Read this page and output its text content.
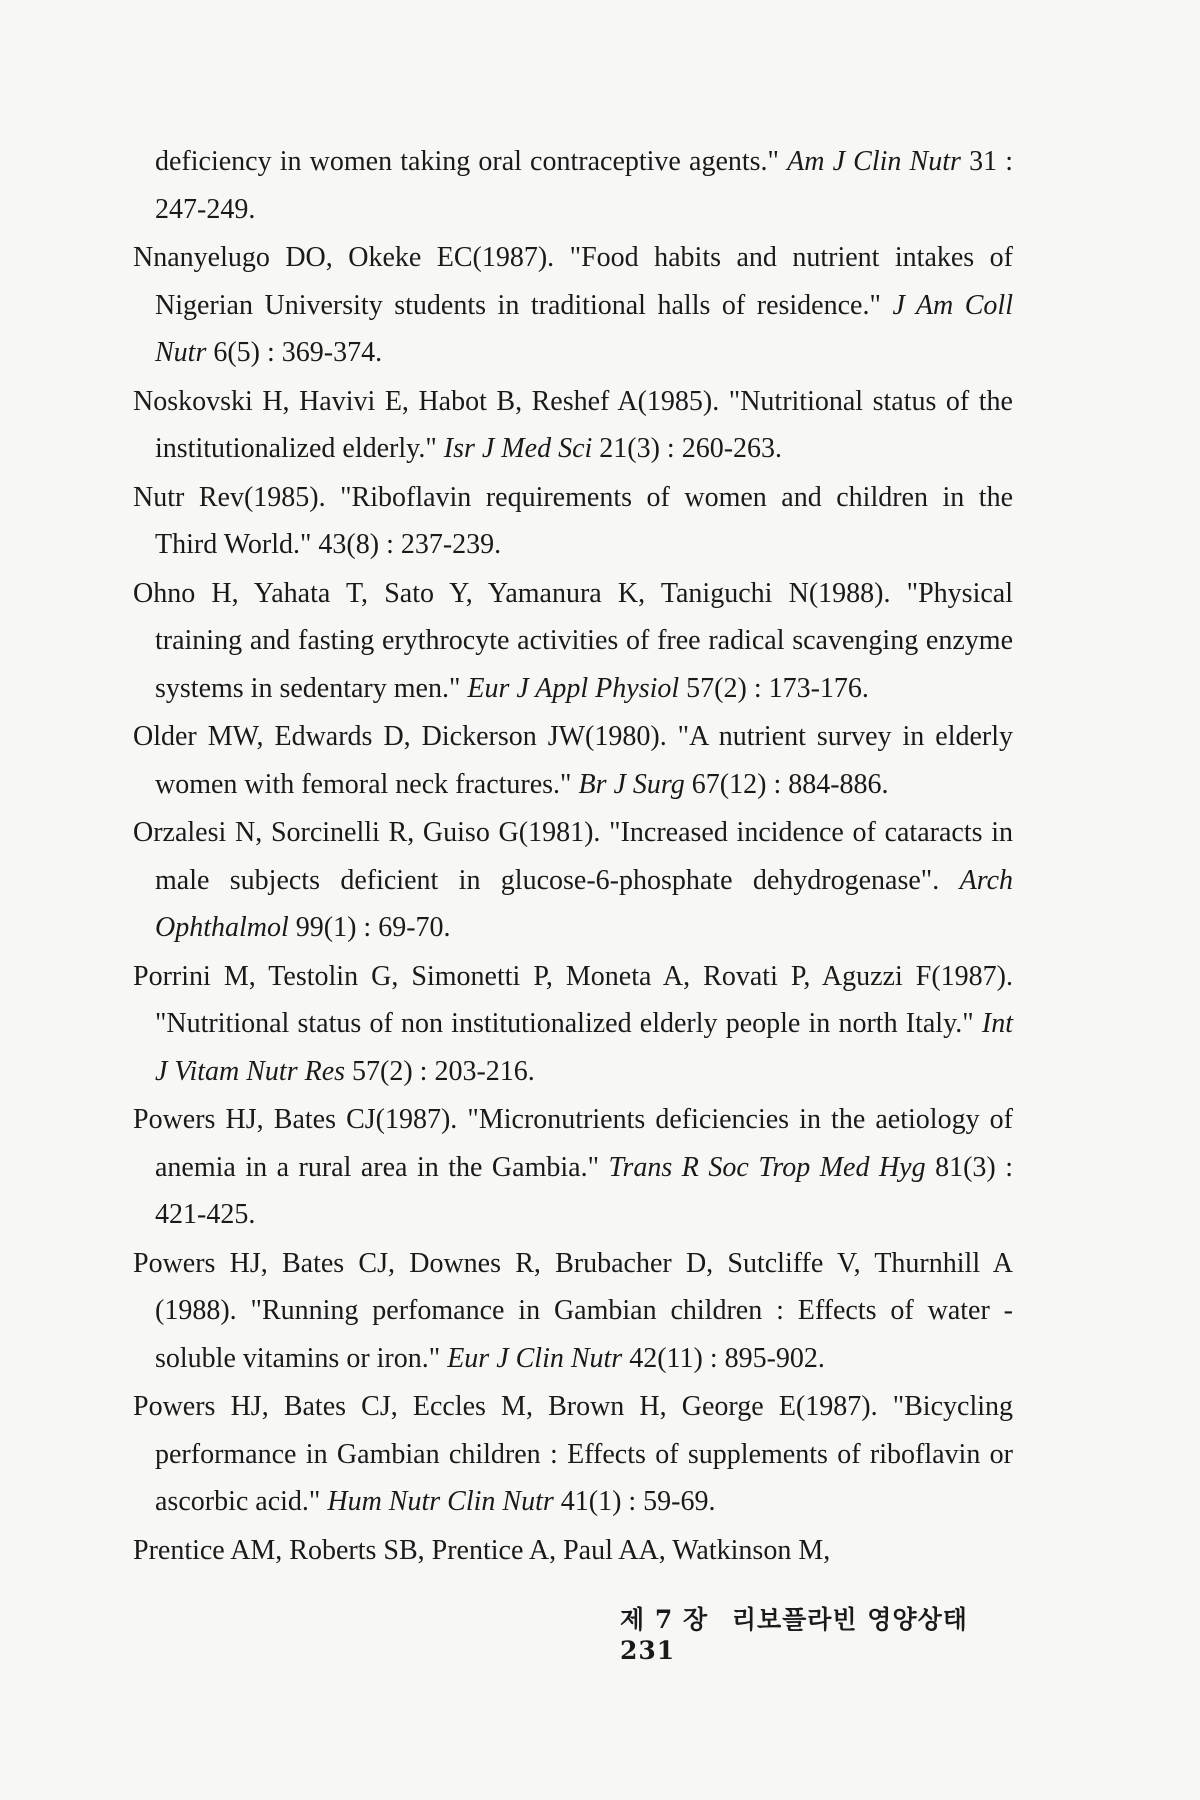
deficiency in women taking oral contraceptive agents." Am J Clin Nutr 31 : 247-249.

Nnanyelugo DO, Okeke EC(1987). "Food habits and nutrient intakes of Nigerian University students in traditional halls of residence." J Am Coll Nutr 6(5) : 369-374.

Noskovski H, Havivi E, Habot B, Reshef A(1985). "Nutritional status of the institutionalized elderly." Isr J Med Sci 21(3) : 260-263.

Nutr Rev(1985). "Riboflavin requirements of women and children in the Third World." 43(8) : 237-239.

Ohno H, Yahata T, Sato Y, Yamanura K, Taniguchi N(1988). "Physical training and fasting erythrocyte activities of free radical scavenging enzyme systems in sedentary men." Eur J Appl Physiol 57(2) : 173-176.

Older MW, Edwards D, Dickerson JW(1980). "A nutrient survey in elderly women with femoral neck fractures." Br J Surg 67(12) : 884-886.

Orzalesi N, Sorcinelli R, Guiso G(1981). "Increased incidence of cataracts in male subjects deficient in glucose-6-phosphate dehydrogenase". Arch Ophthalmol 99(1) : 69-70.

Porrini M, Testolin G, Simonetti P, Moneta A, Rovati P, Aguzzi F(1987). "Nutritional status of non institutionalized elderly people in north Italy." Int J Vitam Nutr Res 57(2) : 203-216.

Powers HJ, Bates CJ(1987). "Micronutrients deficiencies in the aetiology of anemia in a rural area in the Gambia." Trans R Soc Trop Med Hyg 81(3) : 421-425.

Powers HJ, Bates CJ, Downes R, Brubacher D, Sutcliffe V, Thurnhill A (1988). "Running perfomance in Gambian children : Effects of water -soluble vitamins or iron." Eur J Clin Nutr 42(11) : 895-902.

Powers HJ, Bates CJ, Eccles M, Brown H, George E(1987). "Bicycling performance in Gambian children : Effects of supplements of riboflavin or ascorbic acid." Hum Nutr Clin Nutr 41(1) : 59-69.

Prentice AM, Roberts SB, Prentice A, Paul AA, Watkinson M,

제 7 장 리보플라빈 영양상태 231
